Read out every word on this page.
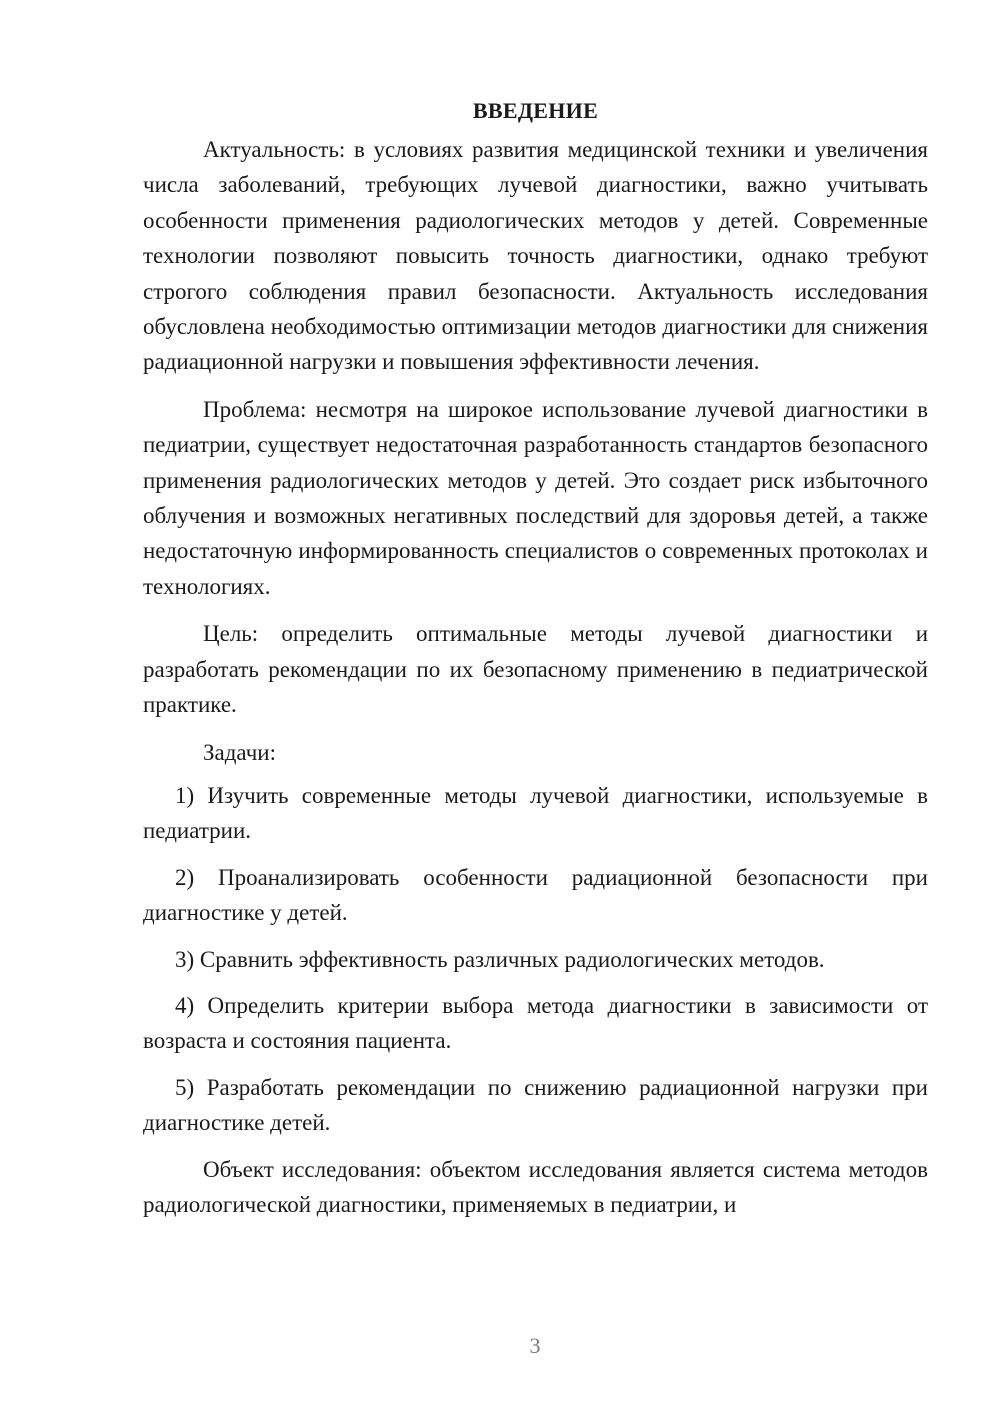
ВВЕДЕНИЕ

Актуальность: в условиях развития медицинской техники и увеличения числа заболеваний, требующих лучевой диагностики, важно учитывать особенности применения радиологических методов у детей. Современные технологии позволяют повысить точность диагностики, однако требуют строгого соблюдения правил безопасности. Актуальность исследования обусловлена необходимостью оптимизации методов диагностики для снижения радиационной нагрузки и повышения эффективности лечения.

Проблема: несмотря на широкое использование лучевой диагностики в педиатрии, существует недостаточная разработанность стандартов безопасного применения радиологических методов у детей. Это создает риск избыточного облучения и возможных негативных последствий для здоровья детей, а также недостаточную информированность специалистов о современных протоколах и технологиях.

Цель: определить оптимальные методы лучевой диагностики и разработать рекомендации по их безопасному применению в педиатрической практике.

Задачи:

1) Изучить современные методы лучевой диагностики, используемые в педиатрии.

2) Проанализировать особенности радиационной безопасности при диагностике у детей.

3) Сравнить эффективность различных радиологических методов.

4) Определить критерии выбора метода диагностики в зависимости от возраста и состояния пациента.

5) Разработать рекомендации по снижению радиационной нагрузки при диагностике детей.

Объект исследования: объектом исследования является система методов радиологической диагностики, применяемых в педиатрии, и

3
